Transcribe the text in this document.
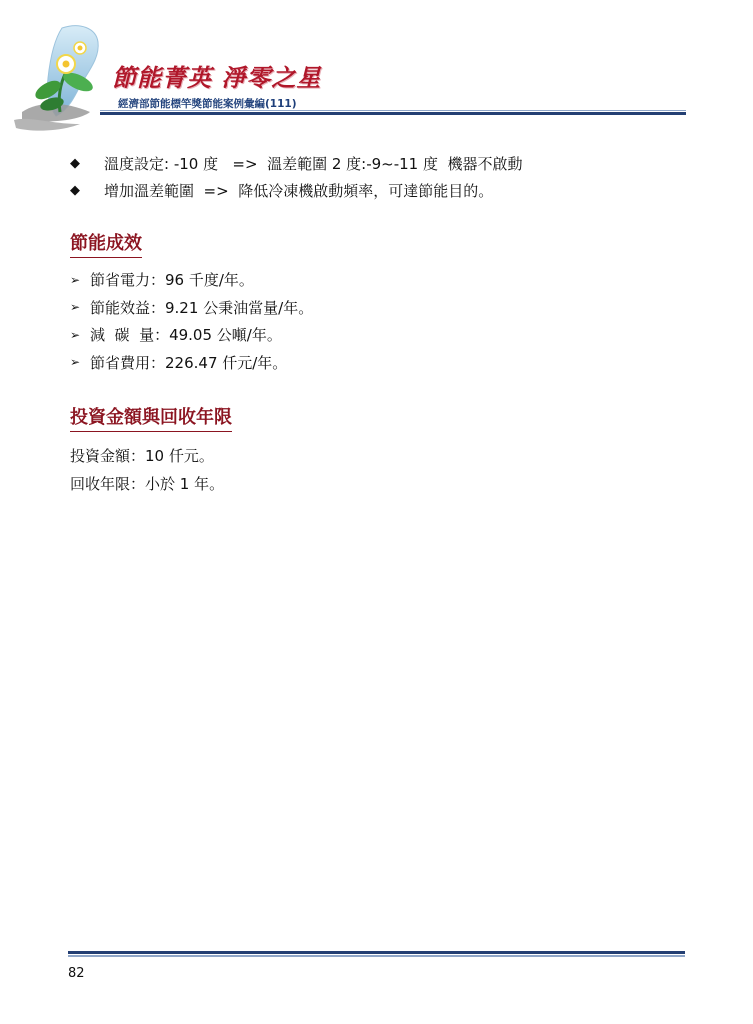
節能菁英 淨零之星
經濟部節能標竿獎節能案例彙編(111)
◆	溫度設定: -10 度   =>  溫差範圍 2 度:-9~-11 度  機器不啟動
◆	增加溫差範圍  =>  降低冷凍機啟動頻率，可達節能目的。
節能成效
➢ 節省電力：96 千度/年。
➢ 節能效益：9.21 公秉油當量/年。
➢ 減  碳  量：49.05 公噸/年。
➢ 節省費用：226.47 仟元/年。
投資金額與回收年限
投資金額：10 仟元。
回收年限：小於 1 年。
82
